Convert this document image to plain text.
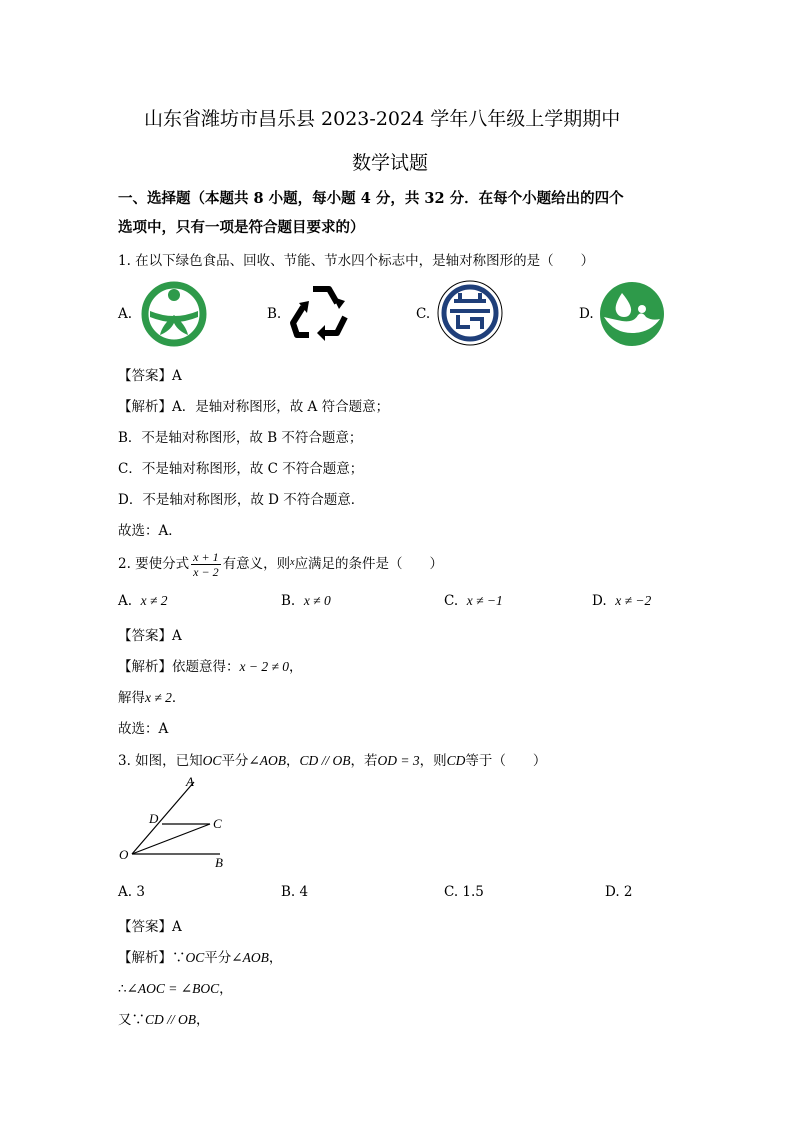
山东省潍坊市昌乐县 2023-2024 学年八年级上学期期中
数学试题
一、选择题（本题共 8 小题，每小题 4 分，共 32 分．在每个小题给出的四个
选项中，只有一项是符合题目要求的）
1. 在以下绿色食品、回收、节能、节水四个标志中，是轴对称图形的是（　　）
A.	B.	C.	D.
【答案】A
【解析】A．是轴对称图形，故 A 符合题意；
B．不是轴对称图形，故 B 不符合题意；
C．不是轴对称图形，故 C 不符合题意；
D．不是轴对称图形，故 D 不符合题意．
故选：A．
2. 要使分式 $\frac{x + 1}{x - 2}$ 有意义，则$^x$应满足的条件是（　　）
A. x ≠ 2	B. x ≠ 0	C. x ≠ −1	D. x ≠ −2
【答案】A
【解析】依题意得：x − 2 ≠ 0，
解得x ≠ 2．
故选：A
3. 如图，已知OC平分∠AOB，CD // OB，若OD = 3，则CD等于（　　）
A
D	C
O
B
A. 3	B. 4	C. 1.5	D. 2
【答案】A
【解析】∵OC平分∠AOB，
∴∠AOC = ∠BOC，
又∵CD // OB，
